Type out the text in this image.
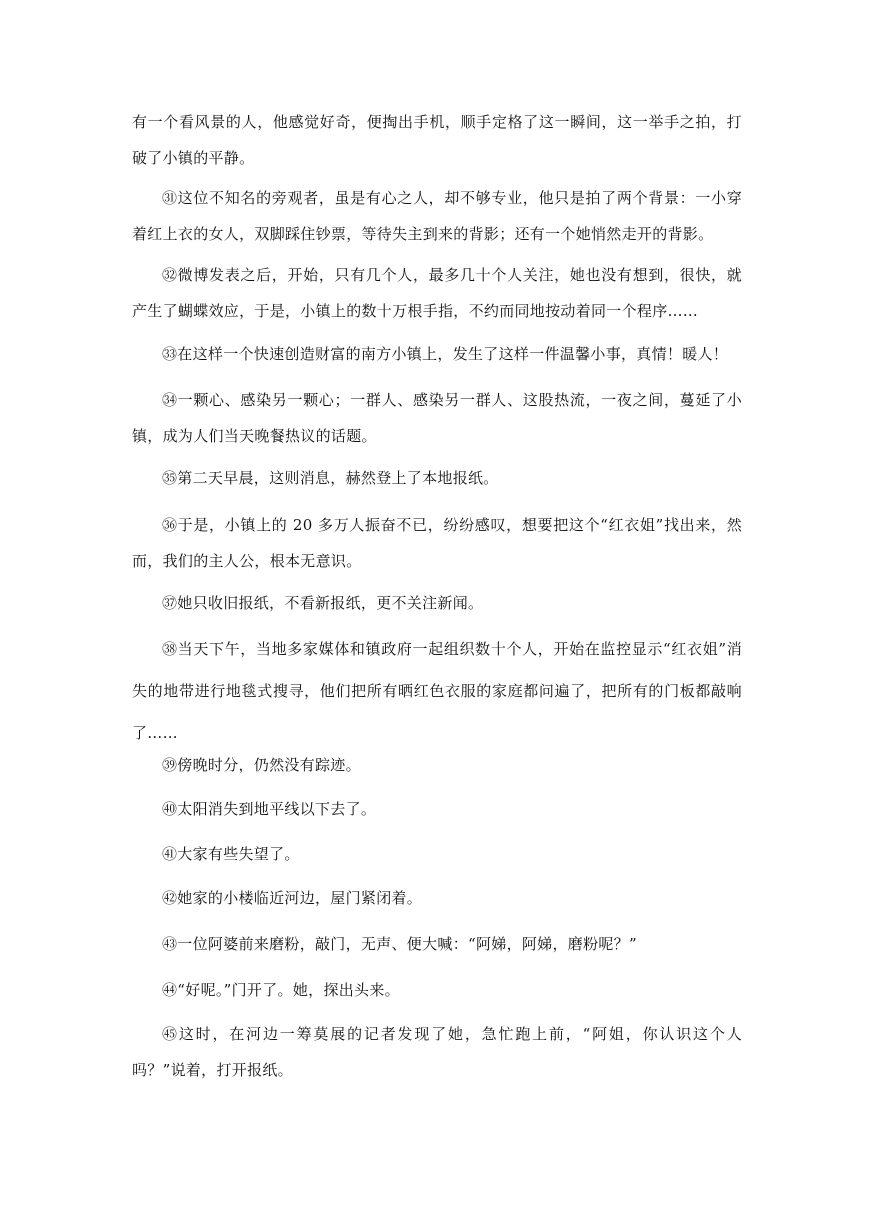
有一个看风景的人，他感觉好奇，便掏出手机，顺手定格了这一瞬间，这一举手之拍，打破了小镇的平静。

㉛这位不知名的旁观者，虽是有心之人，却不够专业，他只是拍了两个背景：一小穿着红上衣的女人，双脚踩住钞票，等待失主到来的背影；还有一个她悄然走开的背影。

㉜微博发表之后，开始，只有几个人，最多几十个人关注，她也没有想到，很快，就产生了蝴蝶效应，于是，小镇上的数十万根手指，不约而同地按动着同一个程序……

㉝在这样一个快速创造财富的南方小镇上，发生了这样一件温馨小事，真情！暖人！

㉞一颗心、感染另一颗心；一群人、感染另一群人、这股热流，一夜之间，蔓延了小镇，成为人们当天晚餐热议的话题。

㉟第二天早晨，这则消息，赫然登上了本地报纸。

㊱于是，小镇上的 20 多万人振奋不已，纷纷感叹，想要把这个“红衣姐”找出来，然而，我们的主人公，根本无意识。

㊲她只收旧报纸，不看新报纸，更不关注新闻。

㊳当天下午，当地多家媒体和镇政府一起组织数十个人，开始在监控显示“红衣姐”消失的地带进行地毯式搜寻，他们把所有晒红色衣服的家庭都问遍了，把所有的门板都敲响了……

㊴傍晚时分，仍然没有踪迹。

㊵太阳消失到地平线以下去了。

㊶大家有些失望了。

㊷她家的小楼临近河边，屋门紧闭着。

㊸一位阿婆前来磨粉，敲门，无声、便大喊：“阿娣，阿娣，磨粉呢？”

㊹“好呢。”门开了。她，探出头来。

㊺这时，在河边一筹莫展的记者发现了她，急忙跑上前，“阿姐，你认识这个人吗？”说着，打开报纸。
